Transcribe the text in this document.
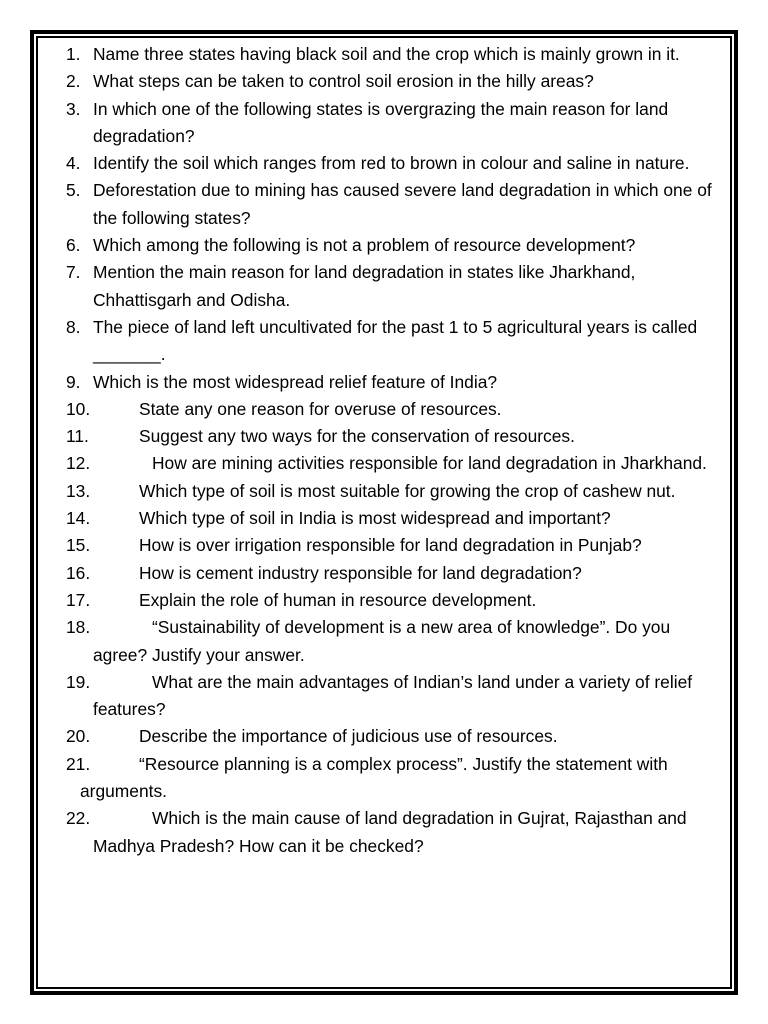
1. Name three states having black soil and the crop which is mainly grown in it.
2. What steps can be taken to control soil erosion in the hilly areas?
3. In which one of the following states is overgrazing the main reason for land degradation?
4. Identify the soil which ranges from red to brown in colour and saline in nature.
5. Deforestation due to mining has caused severe land degradation in which one of the following states?
6. Which among the following is not a problem of resource development?
7. Mention the main reason for land degradation in states like Jharkhand, Chhattisgarh and Odisha.
8. The piece of land left uncultivated for the past 1 to 5 agricultural years is called _______.
9. Which is the most widespread relief feature of India?
10.	State any one reason for overuse of resources.
11.	Suggest any two ways for the conservation of resources.
12.	How are mining activities responsible for land degradation in Jharkhand.
13.	Which type of soil is most suitable for growing the crop of cashew nut.
14.	Which type of soil in India is most widespread and important?
15.	How is over irrigation responsible for land degradation in Punjab?
16.	How is cement industry responsible for land degradation?
17.	Explain the role of human in resource development.
18.	“Sustainability of development is a new area of knowledge”. Do you agree? Justify your answer.
19.	What are the main advantages of Indian’s land under a variety of relief features?
20.	Describe the importance of judicious use of resources.
21.	“Resource planning is a complex process”. Justify the statement with arguments.
22.	Which is the main cause of land degradation in Gujrat, Rajasthan and Madhya Pradesh? How can it be checked?
